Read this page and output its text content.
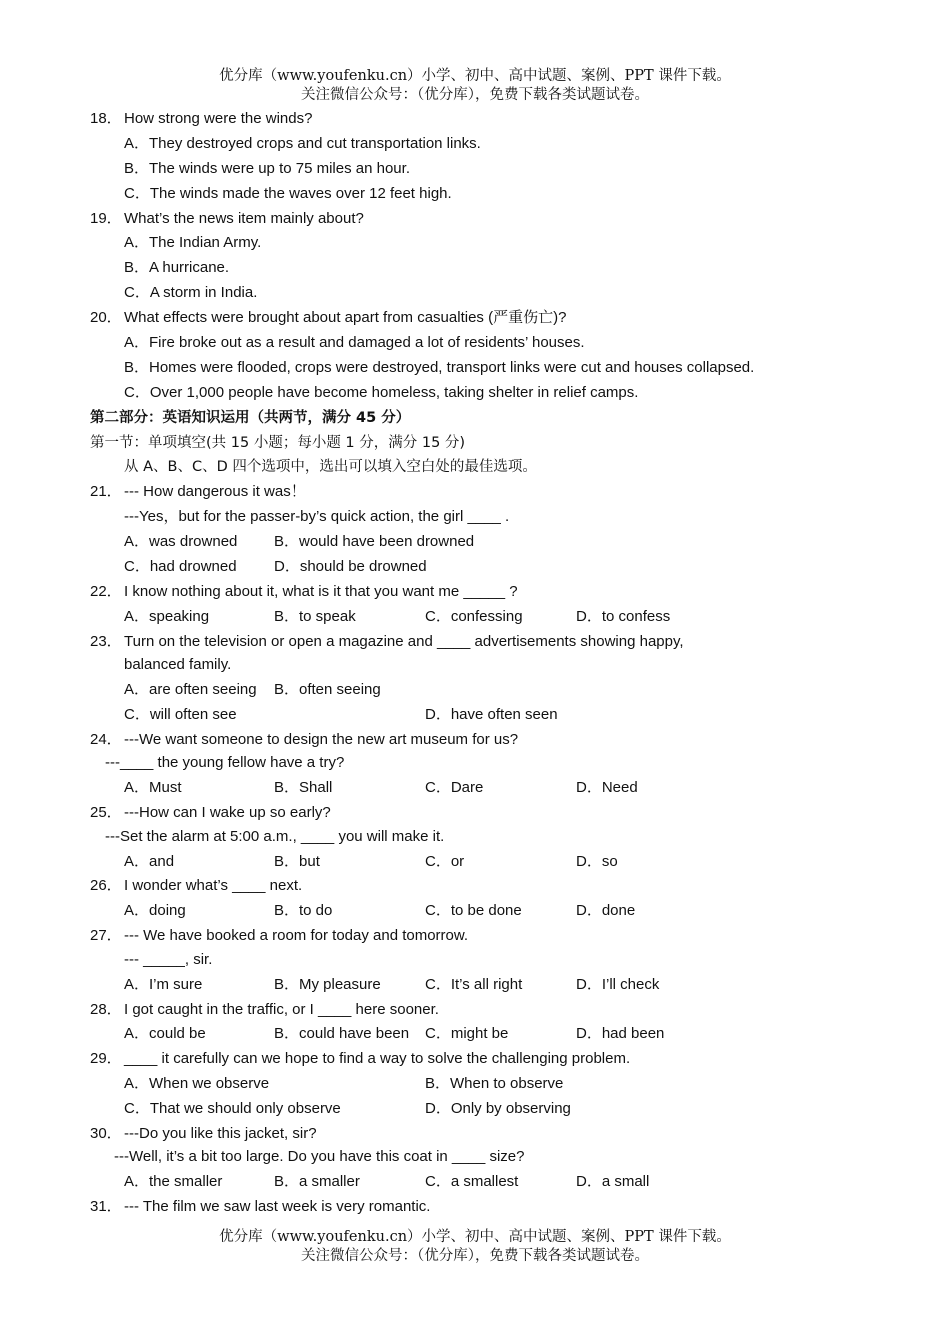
优分库（www.youfenku.cn）小学、初中、高中试题、案例、PPT 课件下载。
关注微信公众号：（优分库），免费下载各类试题试卷。
18． How strong were the winds?
A．They destroyed crops and cut transportation links.
B．The winds were up to 75 miles an hour.
C．The winds made the waves over 12 feet high.
19． What’s the news item mainly about?
A．The Indian Army.
B．A hurricane.
C．A storm in India.
20． What effects were brought about apart from casualties (严重伤亡)?
A．Fire broke out as a result and damaged a lot of residents’ houses.
B．Homes were flooded, crops were destroyed, transport links were cut and houses collapsed.
C．Over 1,000 people have become homeless, taking shelter in relief camps.
第二部分：英语知识运用（共两节，满分 45 分）
第一节：单项填空(共 15 小题；每小题 1 分，满分 15 分)
从 A、B、C、D 四个选项中，选出可以填入空白处的最佳选项。
21． --- How dangerous it was！
---Yes，but for the passer-by’s quick action, the girl ____ .
A．was drowned B．would have been drowned
C．had drowned D．should be drowned
22． I know nothing about it, what is it that you want me _____ ?
A．speaking	B．to speak	C．confessing	D．to confess
23． Turn on the television or open a magazine and ____ advertisements showing happy,
balanced family.
A．are often seeing B．often seeing
C．will often see	D．have often seen
24． ---We want someone to design the new art museum for us?
---____ the young fellow have a try?
A．Must	B．Shall	C．Dare	D．Need
25． ---How can I wake up so early?
---Set the alarm at 5:00 a.m., ____ you will make it.
A．and	B．but	C．or	D．so
26． I wonder what’s ____ next.
A．doing	B．to do	C．to be done	D．done
27． --- We have booked a room for today and tomorrow.
--- _____, sir.
A．I’m sure	B．My pleasure	C．It’s all right	D．I’ll check
28． I got caught in the traffic, or I ____ here sooner.
A．could be	B．could have been C．might be	D．had been
29． ____ it carefully can we hope to find a way to solve the challenging problem.
A．When we observe	B．When to observe
C．That we should only observe	D．Only by observing
30． ---Do you like this jacket, sir?
---Well, it’s a bit too large. Do you have this coat in ____ size?
A．the smaller	B．a smaller	C．a smallest	D．a small
31． --- The film we saw last week is very romantic.
优分库（www.youfenku.cn）小学、初中、高中试题、案例、PPT 课件下载。
关注微信公众号：（优分库），免费下载各类试题试卷。
